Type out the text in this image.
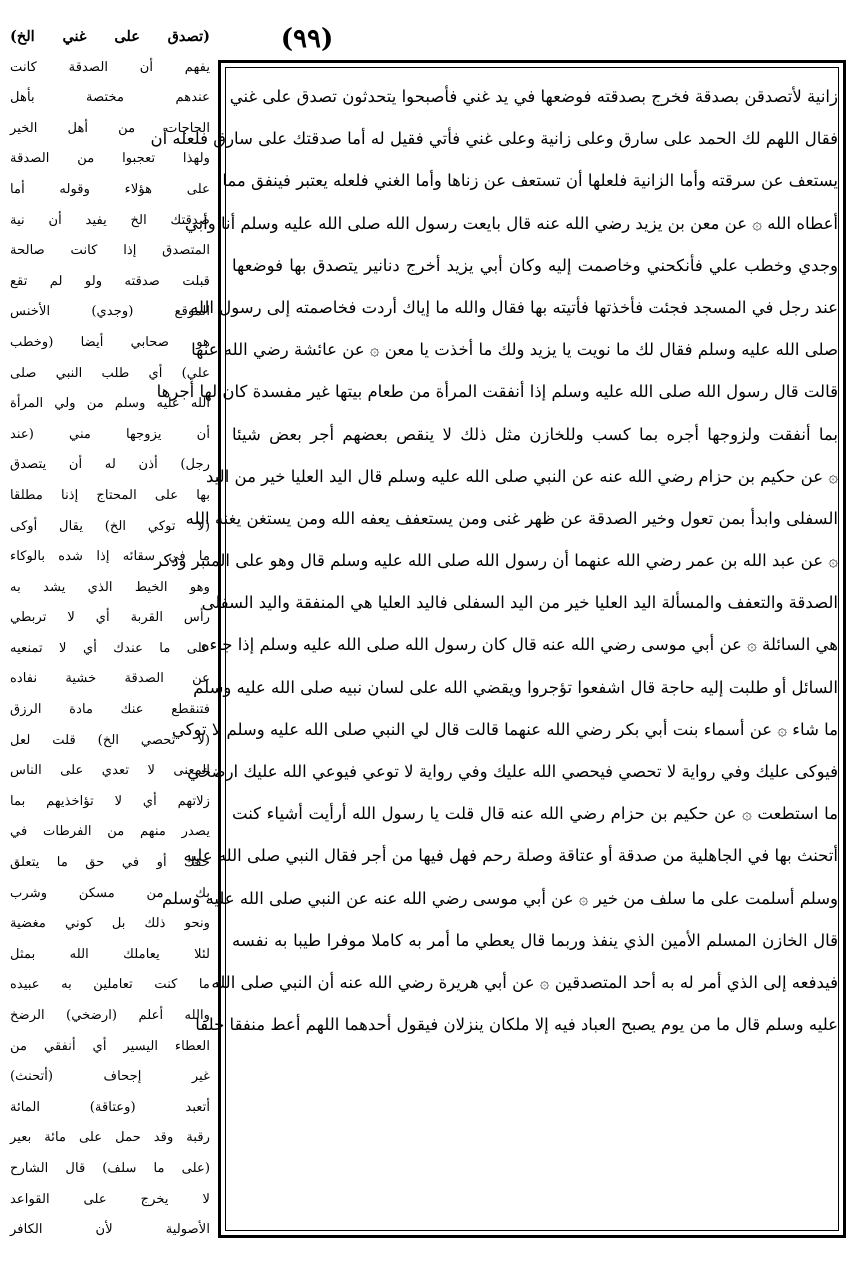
(٩٩)
زانية لأتصدقن بصدقة فخرج بصدقته فوضعها في يد غني فأصبحوا يتحدثون تصدق على غني
فقال اللهم لك الحمد على سارق وعلى زانية وعلى غني فأتي فقيل له أما صدقتك على سارق فلعله أن
يستعف عن سرقته وأما الزانية فلعلها أن تستعف عن زناها وأما الغني فلعله يعتبر فينفق مما
أعطاه الله ۞ عن معن بن يزيد رضي الله عنه قال بايعت رسول الله صلى الله عليه وسلم أنا وأبي
وجدي وخطب علي فأنكحني وخاصمت إليه وكان أبي يزيد أخرج دنانير يتصدق بها فوضعها
عند رجل في المسجد فجئت فأخذتها فأتيته بها فقال والله ما إياك أردت فخاصمته إلى رسول الله
صلى الله عليه وسلم فقال لك ما نويت يا يزيد ولك ما أخذت يا معن ۞ عن عائشة رضي الله عنها
قالت قال رسول الله صلى الله عليه وسلم إذا أنفقت المرأة من طعام بيتها غير مفسدة كان لها أجرها
بما أنفقت ولزوجها أجره بما كسب وللخازن مثل ذلك لا ينقص بعضهم أجر بعض شيئا
۞ عن حكيم بن حزام رضي الله عنه عن النبي صلى الله عليه وسلم قال اليد العليا خير من اليد
السفلى وابدأ بمن تعول وخير الصدقة عن ظهر غنى ومن يستعفف يعفه الله ومن يستغن يغنه الله
۞ عن عبد الله بن عمر رضي الله عنهما أن رسول الله صلى الله عليه وسلم قال وهو على المنبر وذكر
الصدقة والتعفف والمسألة اليد العليا خير من اليد السفلى فاليد العليا هي المنفقة واليد السفلى
هي السائلة ۞ عن أبي موسى رضي الله عنه قال كان رسول الله صلى الله عليه وسلم إذا جاءه
السائل أو طلبت إليه حاجة قال اشفعوا تؤجروا ويقضي الله على لسان نبيه صلى الله عليه وسلم
ما شاء ۞ عن أسماء بنت أبي بكر رضي الله عنهما قالت قال لي النبي صلى الله عليه وسلم لا توكي
فيوكى عليك وفي رواية لا تحصي فيحصي الله عليك وفي رواية لا توعي فيوعي الله عليك ارضخي
ما استطعت ۞ عن حكيم بن حزام رضي الله عنه قال قلت يا رسول الله أرأيت أشياء كنت
أتحنث بها في الجاهلية من صدقة أو عتاقة وصلة رحم فهل فيها من أجر فقال النبي صلى الله عليه
وسلم أسلمت على ما سلف من خير ۞ عن أبي موسى رضي الله عنه عن النبي صلى الله عليه وسلم
قال الخازن المسلم الأمين الذي ينفذ وربما قال يعطي ما أمر به كاملا موفرا طيبا به نفسه
فيدفعه إلى الذي أمر له به أحد المتصدقين ۞ عن أبي هريرة رضي الله عنه أن النبي صلى الله
عليه وسلم قال ما من يوم يصبح العباد فيه إلا ملكان ينزلان فيقول أحدهما اللهم أعط منفقا خلفا
(تصدق على غني الخ)
يفهم أن الصدقة كانت
عندهم مختصة بأهل
الحاجات من أهل الخير
ولهذا تعجبوا من الصدقة
على هؤلاء وقوله أما
صدقتك الخ يفيد أن نية
المتصدق إذا كانت صالحة
قبلت صدقته ولو لم تقع
الموقع (وجدي) الأخنس
هو صحابي أيضا (وخطب
علي) أي طلب النبي صلى
الله عليه وسلم من ولي المرأة
أن يزوجها مني (عند
رجل) أذن له أن يتصدق
بها على المحتاج إذنا مطلقا
(لا توكي الخ) يقال أوكى
ما في سقائه إذا شده بالوكاء
وهو الخيط الذي يشد به
رأس القربة أي لا تربطي
على ما عندك أي لا تمنعيه
عن الصدقة خشية نفاده
فتنقطع عنك مادة الرزق
(لا تحصي الخ) قلت لعل
المعنى لا تعدي على الناس
زلاتهم أي لا تؤاخذيهم بما
يصدر منهم من الفرطات في
حقك أو في حق ما يتعلق
بك من مسكن وشرب
ونحو ذلك بل كوني مغضية
لئلا يعاملك الله بمثل
ما كنت تعاملين به عبيده
والله أعلم (ارضخي) الرضخ
العطاء اليسير أي أنفقي من
غير إجحاف (أتحنث)
أتعبد (وعتاقة) المائة
رقبة وقد حمل على مائة بعير
(على ما سلف) قال الشارح
لا يخرج على القواعد
الأصولية لأن الكافر
